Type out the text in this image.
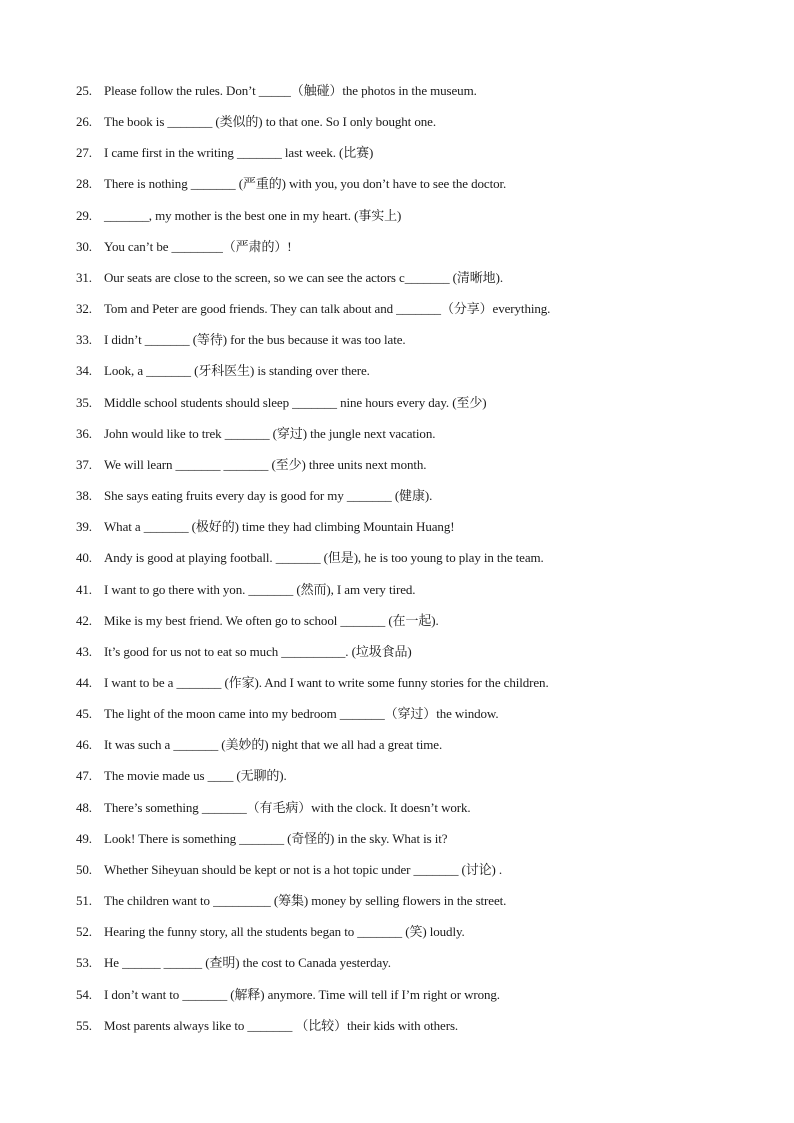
25. Please follow the rules. Don’t _____（触碰）the photos in the museum.
26. The book is _______ (类似的) to that one. So I only bought one.
27. I came first in the writing _______ last week. (比赛)
28. There is nothing _______ (严重的) with you, you don’t have to see the doctor.
29. _______, my mother is the best one in my heart. (事实上)
30. You can’t be ________（严肃的）!
31. Our seats are close to the screen, so we can see the actors c_______ (清晰地).
32. Tom and Peter are good friends. They can talk about and _______（分享）everything.
33. I didn’t _______ (等待) for the bus because it was too late.
34. Look, a _______ (牙科医生) is standing over there.
35. Middle school students should sleep _______ nine hours every day. (至少)
36. John would like to trek _______ (穿过) the jungle next vacation.
37. We will learn _______ _______ (至少) three units next month.
38. She says eating fruits every day is good for my _______ (健康).
39. What a _______ (极好的) time they had climbing Mountain Huang!
40. Andy is good at playing football. _______ (但是), he is too young to play in the team.
41. I want to go there with yon. _______ (然而), I am very tired.
42. Mike is my best friend. We often go to school _______ (在一起).
43. It’s good for us not to eat so much __________. (垃圾食品)
44. I want to be a _______ (作家). And I want to write some funny stories for the children.
45. The light of the moon came into my bedroom _______（穿过）the window.
46. It was such a _______ (美妙的) night that we all had a great time.
47. The movie made us ____ (无聊的).
48. There’s something _______（有毛病）with the clock. It doesn’t work.
49. Look! There is something _______ (奇怪的) in the sky. What is it?
50. Whether Siheyuan should be kept or not is a hot topic under _______ (讨论) .
51. The children want to _________ (筹集) money by selling flowers in the street.
52. Hearing the funny story, all the students began to _______ (笑) loudly.
53. He ______ ______ (查明) the cost to Canada yesterday.
54. I don’t want to _______ (解释) anymore. Time will tell if I’m right or wrong.
55. Most parents always like to _______ （比较）their kids with others.
